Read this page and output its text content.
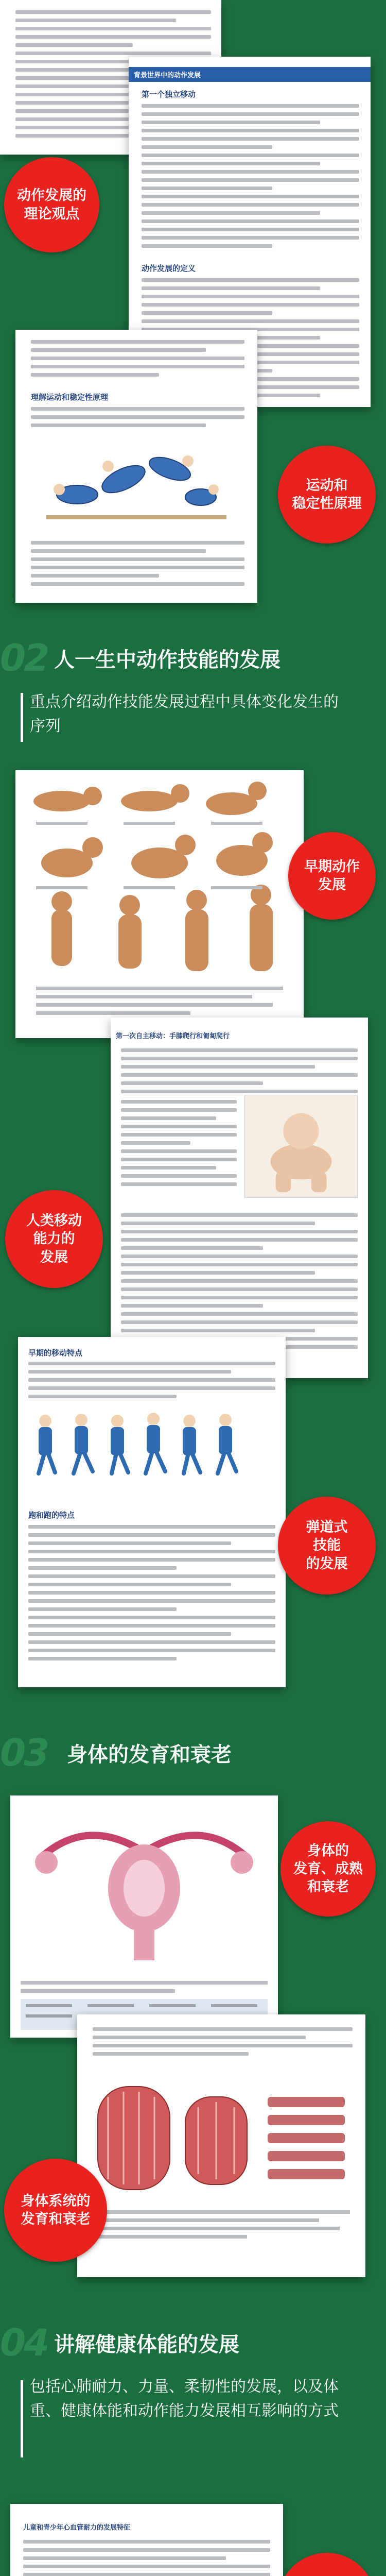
背景世界中的动作发展
第一个独立移动
动作发展的定义
理解运动和稳定性原理
动作发展的
理论观点
运动和
稳定性原理
02 人一生中动作技能的发展
重点介绍动作技能发展过程中具体变化发生的序列
早期动作
发展
第一次自主移动：手膝爬行和匍匐爬行
人类移动
能力的
发展
早期的移动特点
跑和跑的特点
弹道式
技能
的发展
03 身体的发育和衰老
身体的
发育、成熟
和衰老
身体系统的
发育和衰老
04 讲解健康体能的发展
包括心肺耐力、力量、柔韧性的发展，以及体重、健康体能和动作能力发展相互影响的方式
儿童和青少年心血管耐力的发展特征
